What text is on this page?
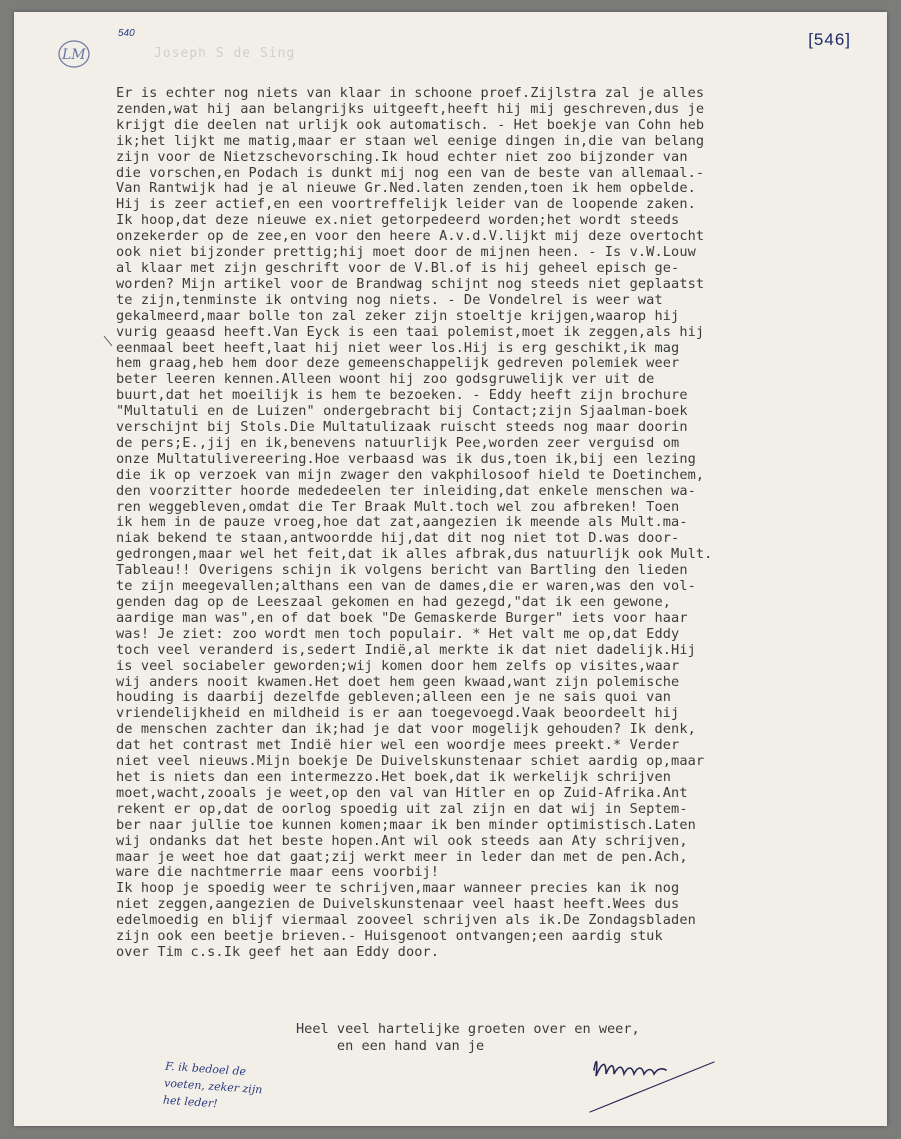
LM
540	[546]
Joseph S de Sing
Er is echter nog niets van klaar in schoone proef.Zijlstra zal je alles
zenden,wat hij aan belangrijks uitgeeft,heeft hij mij geschreven,dus je
krijgt die deelen nat urlijk ook automatisch. - Het boekje van Cohn heb
ik;het lijkt me matig,maar er staan wel eenige dingen in,die van belang
zijn voor de Nietzschevorsching.Ik houd echter niet zoo bijzonder van
die vorschen,en Podach is dunkt mij nog een van de beste van allemaal.-
Van Rantwijk had je al nieuwe Gr.Ned.laten zenden,toen ik hem opbelde.
Hij is zeer actief,en een voortreffelijk leider van de loopende zaken.
Ik hoop,dat deze nieuwe ex.niet getorpedeerd worden;het wordt steeds
onzekerder op de zee,en voor den heere A.v.d.V.lijkt mij deze overtocht
ook niet bijzonder prettig;hij moet door de mijnen heen. - Is v.W.Louw
al klaar met zijn geschrift voor de V.Bl.of is hij geheel episch ge-
worden? Mijn artikel voor de Brandwag schijnt nog steeds niet geplaatst
te zijn,tenminste ik ontving nog niets. - De Vondelrel is weer wat
gekalmeerd,maar bolle ton zal zeker zijn stoeltje krijgen,waarop hij
vurig geaasd heeft.Van Eyck is een taai polemist,moet ik zeggen,als hij
eenmaal beet heeft,laat hij niet weer los.Hij is erg geschikt,ik mag
hem graag,heb hem door deze gemeenschappelijk gedreven polemiek weer
beter leeren kennen.Alleen woont hij zoo godsgruwelijk ver uit de
buurt,dat het moeilijk is hem te bezoeken. - Eddy heeft zijn brochure
"Multatuli en de Luizen" ondergebracht bij Contact;zijn Sjaalman-boek
verschijnt bij Stols.Die Multatulizaak ruischt steeds nog maar doorin
de pers;E.,jij en ik,benevens natuurlijk Pee,worden zeer verguisd om
onze Multatulivereering.Hoe verbaasd was ik dus,toen ik,bij een lezing
die ik op verzoek van mijn zwager den vakphilosoof hield te Doetinchem,
den voorzitter hoorde mededeelen ter inleiding,dat enkele menschen wa-
ren weggebleven,omdat die Ter Braak Mult.toch wel zou afbreken! Toen
ik hem in de pauze vroeg,hoe dat zat,aangezien ik meende als Mult.ma-
niak bekend te staan,antwoordde hij,dat dit nog niet tot D.was door-
gedrongen,maar wel het feit,dat ik alles afbrak,dus natuurlijk ook Mult.
Tableau!! Overigens schijn ik volgens bericht van Bartling den lieden
te zijn meegevallen;althans een van de dames,die er waren,was den vol-
genden dag op de Leeszaal gekomen en had gezegd,"dat ik een gewone,
aardige man was",en of dat boek "De Gemaskerde Burger" iets voor haar
was! Je ziet: zoo wordt men toch populair. * Het valt me op,dat Eddy
toch veel veranderd is,sedert Indië,al merkte ik dat niet dadelijk.Hij
is veel sociabeler geworden;wij komen door hem zelfs op visites,waar
wij anders nooit kwamen.Het doet hem geen kwaad,want zijn polemische
houding is daarbij dezelfde gebleven;alleen een je ne sais quoi van
vriendelijkheid en mildheid is er aan toegevoegd.Vaak beoordeelt hij
de menschen zachter dan ik;had je dat voor mogelijk gehouden? Ik denk,
dat het contrast met Indië hier wel een woordje mees preekt.* Verder
niet veel nieuws.Mijn boekje De Duivelskunstenaar schiet aardig op,maar
het is niets dan een intermezzo.Het boek,dat ik werkelijk schrijven
moet,wacht,zooals je weet,op den val van Hitler en op Zuid-Afrika.Ant
rekent er op,dat de oorlog spoedig uit zal zijn en dat wij in Septem-
ber naar jullie toe kunnen komen;maar ik ben minder optimistisch.Laten
wij ondanks dat het beste hopen.Ant wil ook steeds aan Aty schrijven,
maar je weet hoe dat gaat;zij werkt meer in leder dan met de pen.Ach,
ware die nachtmerrie maar eens voorbij!
Ik hoop je spoedig weer te schrijven,maar wanneer precies kan ik nog
niet zeggen,aangezien de Duivelskunstenaar veel haast heeft.Wees dus
edelmoedig en blijf viermaal zooveel schrijven als ik.De Zondagsbladen
zijn ook een beetje brieven.- Huisgenoot ontvangen;een aardig stuk
over Tim c.s.Ik geef het aan Eddy door.
Heel veel hartelijke groeten over en weer,
en een hand van je
F. ik bedoel de
voeten, zeker zijn
het leder!
